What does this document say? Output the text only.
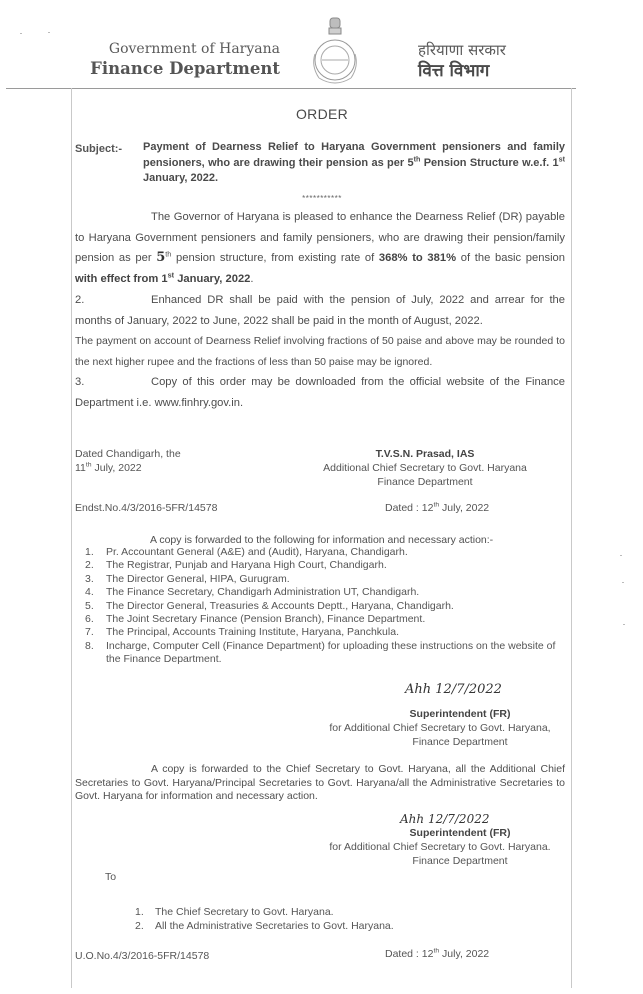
Government of Haryana
Finance Department
हरियाणा सरकार
वित्त विभाग
ORDER
Subject:- Payment of Dearness Relief to Haryana Government pensioners and family pensioners, who are drawing their pension as per 5th Pension Structure w.e.f. 1st January, 2022.
***********
The Governor of Haryana is pleased to enhance the Dearness Relief (DR) payable to Haryana Government pensioners and family pensioners, who are drawing their pension/family pension as per 5th pension structure, from existing rate of 368% to 381% of the basic pension with effect from 1st January, 2022.
2.	Enhanced DR shall be paid with the pension of July, 2022 and arrear for the months of January, 2022 to June, 2022 shall be paid in the month of August, 2022.
The payment on account of Dearness Relief involving fractions of 50 paise and above may be rounded to the next higher rupee and the fractions of less than 50 paise may be ignored.
3.	Copy of this order may be downloaded from the official website of the Finance Department i.e. www.finhry.gov.in.
Dated Chandigarh, the
11th July, 2022
T.V.S.N. Prasad, IAS
Additional Chief Secretary to Govt. Haryana
Finance Department
Endst.No.4/3/2016-5FR/14578	Dated : 12th July, 2022
A copy is forwarded to the following for information and necessary action:-
1.	Pr. Accountant General (A&E) and (Audit), Haryana, Chandigarh.
2.	The Registrar, Punjab and Haryana High Court, Chandigarh.
3.	The Director General, HIPA, Gurugram.
4.	The Finance Secretary, Chandigarh Administration UT, Chandigarh.
5.	The Director General, Treasuries & Accounts Deptt., Haryana, Chandigarh.
6.	The Joint Secretary Finance (Pension Branch), Finance Department.
7.	The Principal, Accounts Training Institute, Haryana, Panchkula.
8.	Incharge, Computer Cell (Finance Department) for uploading these instructions on the website of the Finance Department.
Ahh 12/7/2022
Superintendent (FR)
for Additional Chief Secretary to Govt. Haryana,
Finance Department
A copy is forwarded to the Chief Secretary to Govt. Haryana, all the Additional Chief Secretaries to Govt. Haryana/Principal Secretaries to Govt. Haryana/all the Administrative Secretaries to Govt. Haryana for information and necessary action.
Ahh 12/7/2022
Superintendent (FR)
for Additional Chief Secretary to Govt. Haryana.
Finance Department
To
1.	The Chief Secretary to Govt. Haryana.
2.	All the Administrative Secretaries to Govt. Haryana.
U.O.No.4/3/2016-5FR/14578	Dated : 12th July, 2022
